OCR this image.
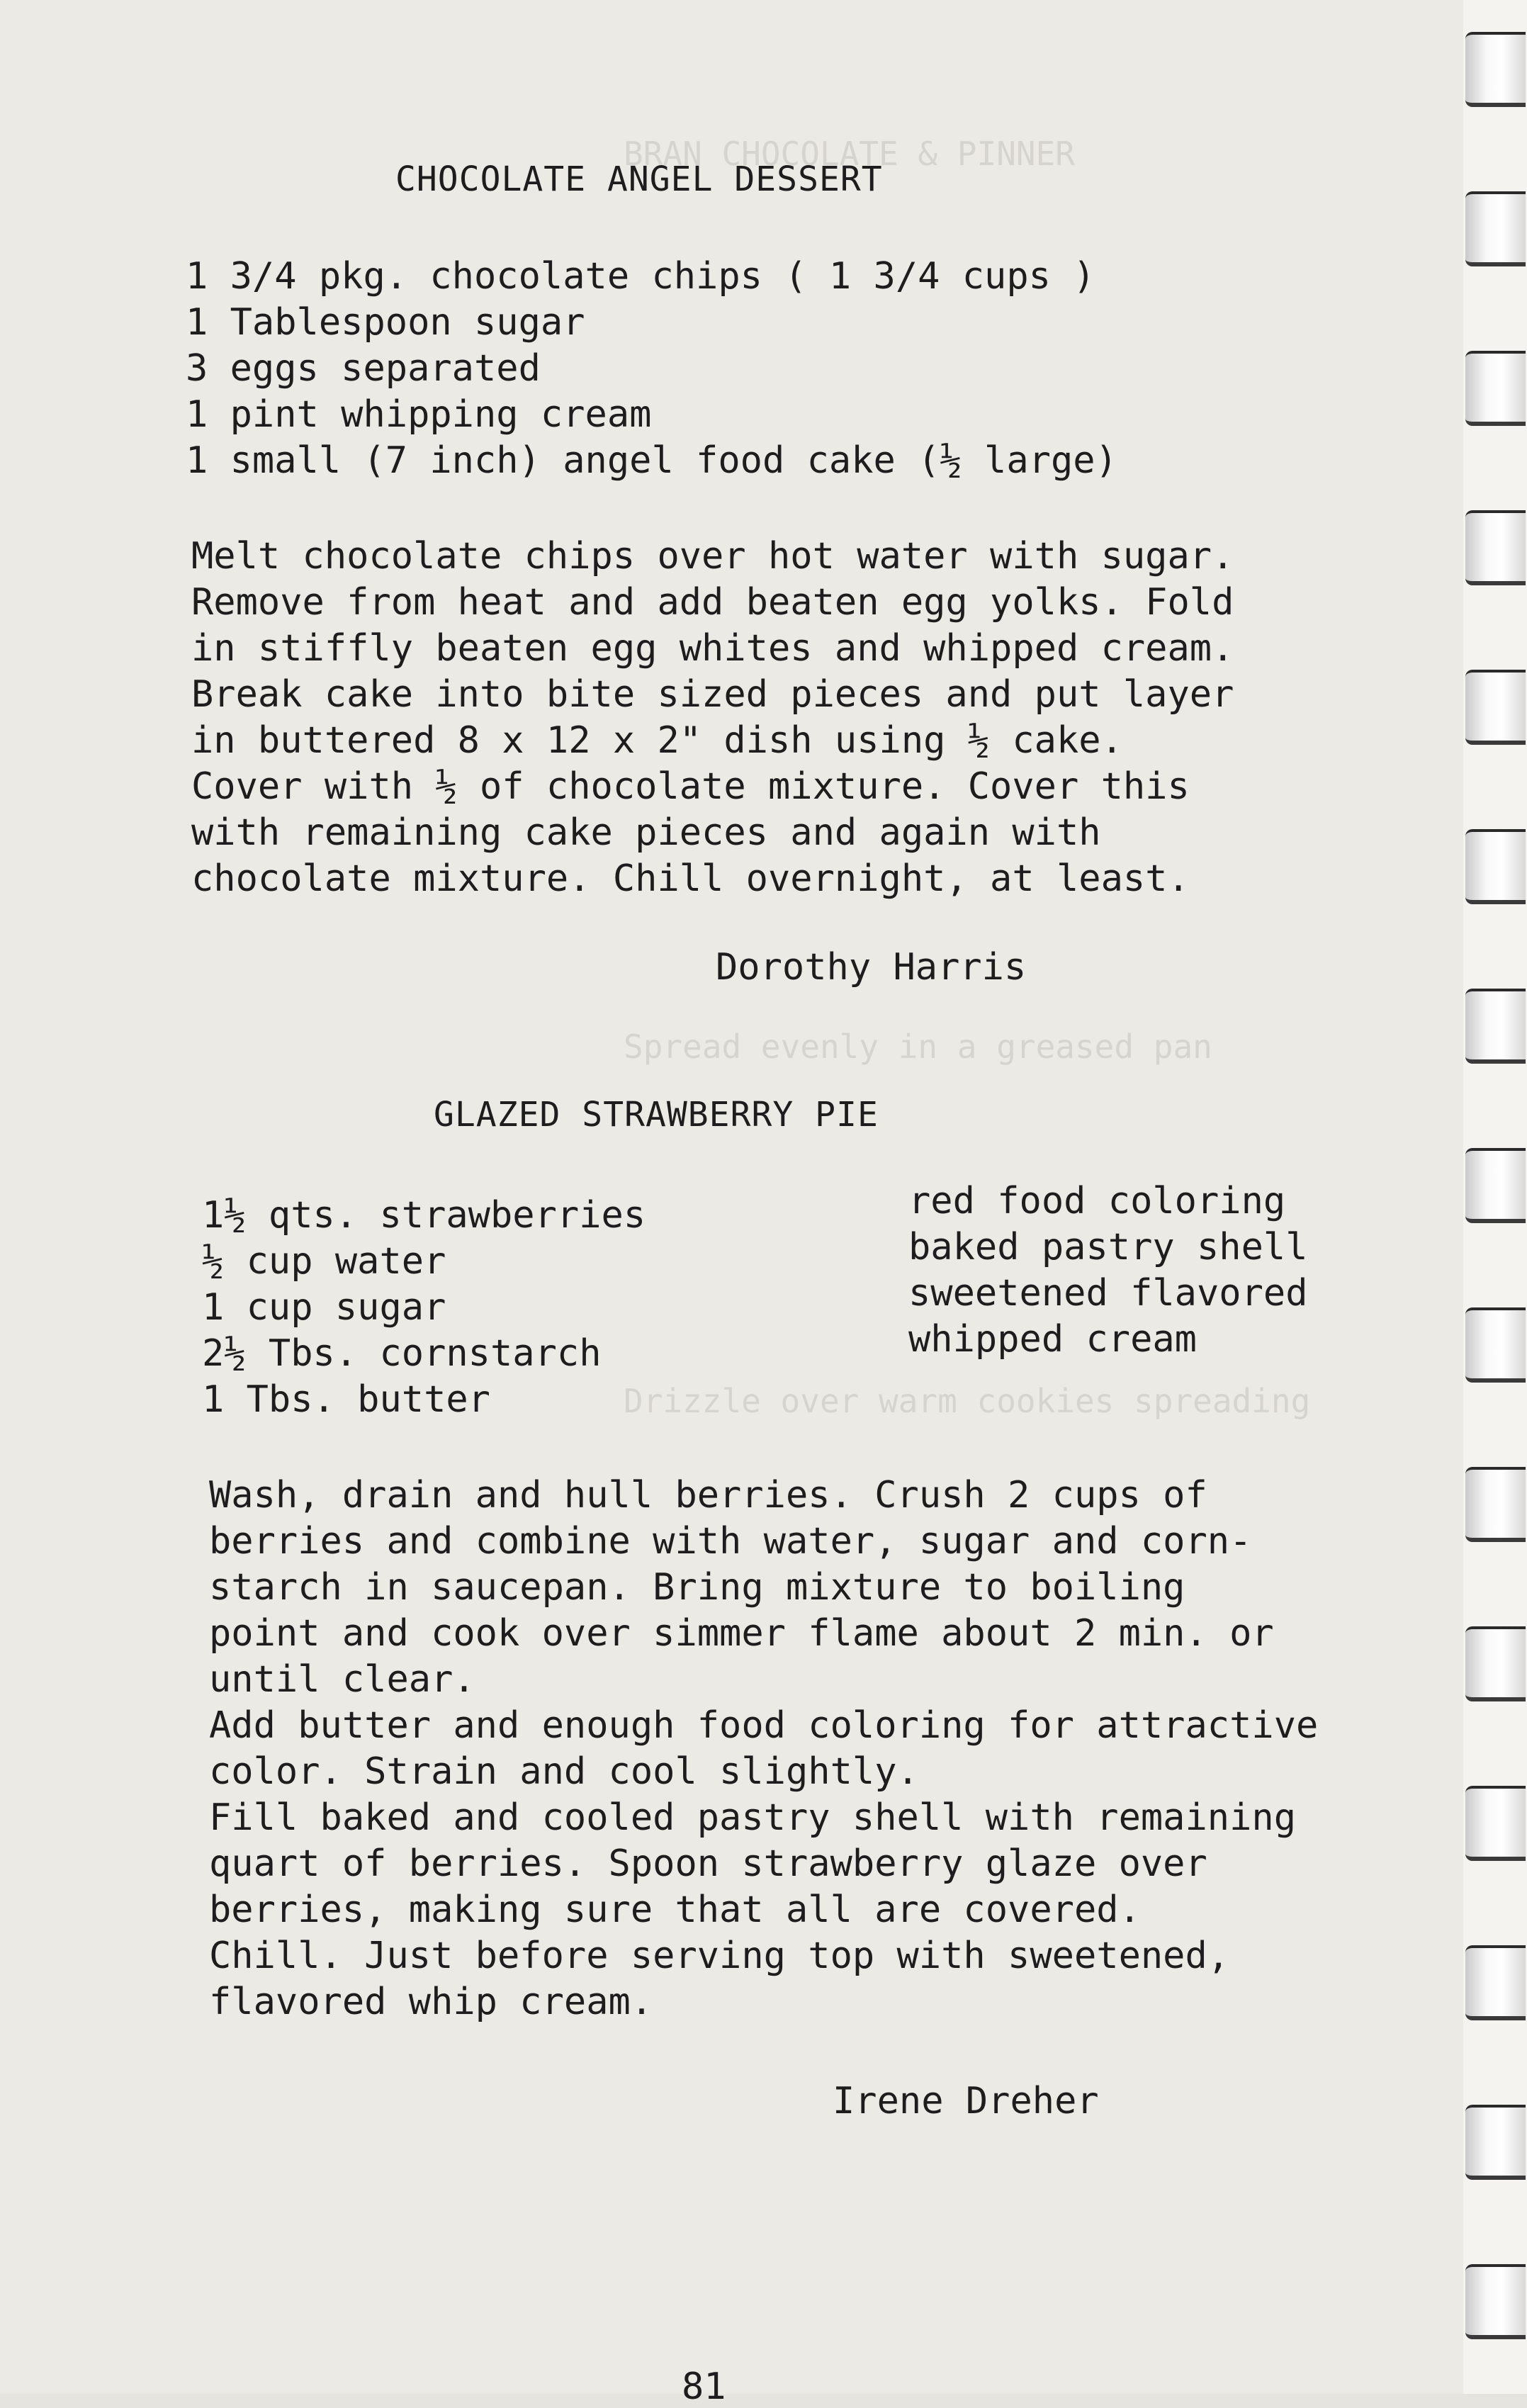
BRAN CHOCOLATE & PINNER
Spread evenly in a greased pan
Drizzle over warm cookies spreading
CHOCOLATE ANGEL DESSERT
1 3/4 pkg. chocolate chips ( 1 3/4 cups )
1 Tablespoon sugar
3 eggs separated
1 pint whipping cream
1 small (7 inch) angel food cake (½ large)
Melt chocolate chips over hot water with sugar.
Remove from heat and add beaten egg yolks. Fold
in stiffly beaten egg whites and whipped cream.
Break cake into bite sized pieces and put layer
in buttered 8 x 12 x 2" dish using ½ cake.
Cover with ½ of chocolate mixture. Cover this
with remaining cake pieces and again with
chocolate mixture. Chill overnight, at least.
Dorothy Harris
GLAZED STRAWBERRY PIE
1½ qts. strawberries
½ cup water
1 cup sugar
2½ Tbs. cornstarch
1 Tbs. butter
red food coloring
baked pastry shell
sweetened flavored
whipped cream
Wash, drain and hull berries. Crush 2 cups of
berries and combine with water, sugar and corn-
starch in saucepan. Bring mixture to boiling
point and cook over simmer flame about 2 min. or
until clear.
Add butter and enough food coloring for attractive
color. Strain and cool slightly.
Fill baked and cooled pastry shell with remaining
quart of berries. Spoon strawberry glaze over
berries, making sure that all are covered.
Chill. Just before serving top with sweetened,
flavored whip cream.
Irene Dreher
81
